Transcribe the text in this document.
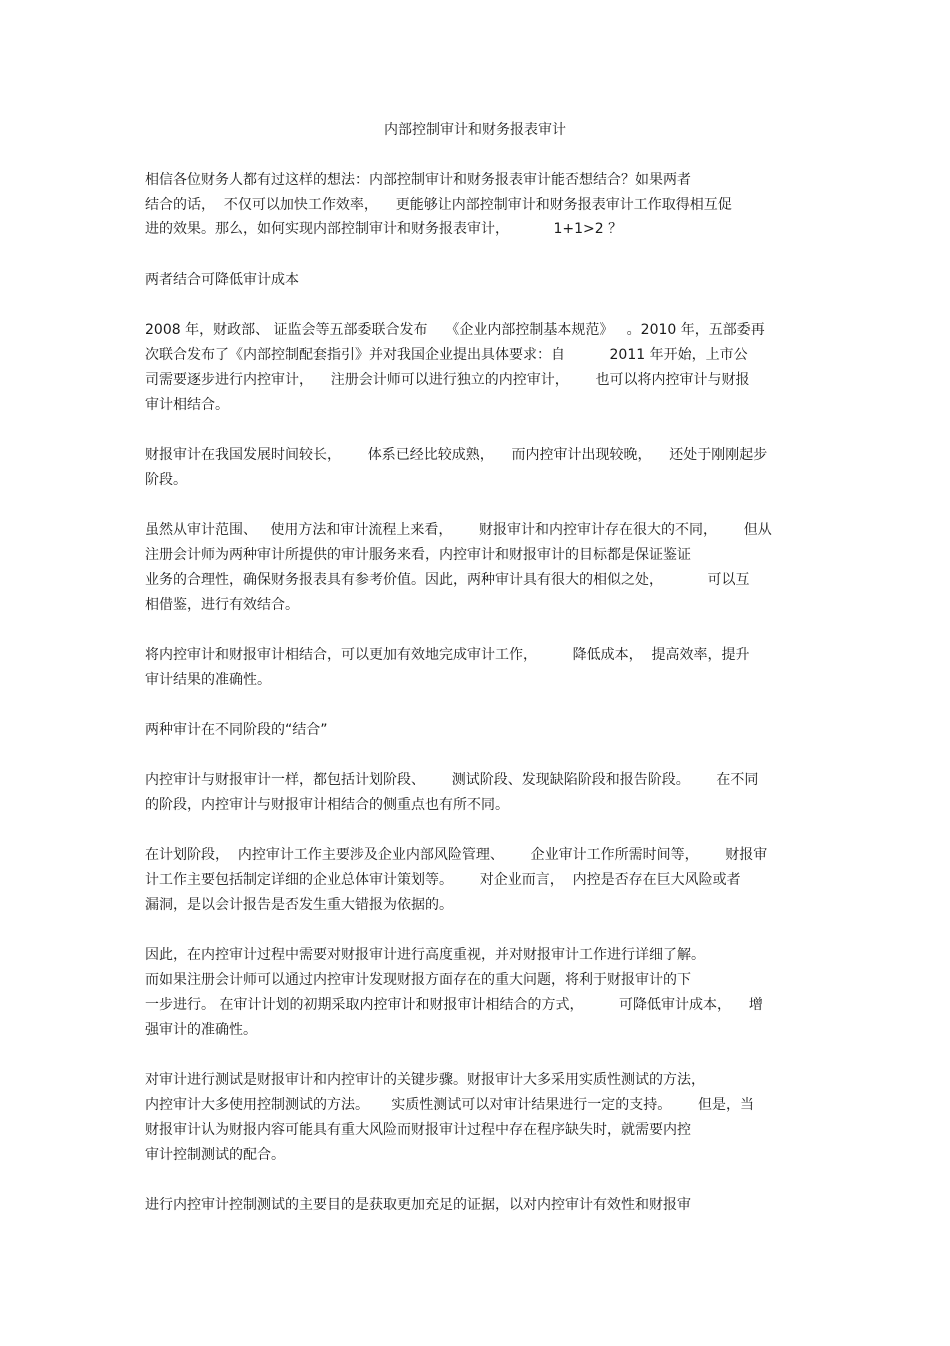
内部控制审计和财务报表审计
相信各位财务人都有过这样的想法：内部控制审计和财务报表审计能否想结合？如果两者
结合的话，  不仅可以加快工作效率，    更能够让内部控制审计和财务报表审计工作取得相互促
进的效果。那么，如何实现内部控制审计和财务报表审计，          1+1>2 ？
两者结合可降低审计成本
2008 年，财政部、 证监会等五部委联合发布    《企业内部控制基本规范》   。2010 年，五部委再
次联合发布了《内部控制配套指引》并对我国企业提出具体要求：自          2011 年开始，上市公
司需要逐步进行内控审计，    注册会计师可以进行独立的内控审计，      也可以将内控审计与财报
审计相结合。
财报审计在我国发展时间较长，      体系已经比较成熟，    而内控审计出现较晚，    还处于刚刚起步
阶段。
虽然从审计范围、   使用方法和审计流程上来看，      财报审计和内控审计存在很大的不同，      但从
注册会计师为两种审计所提供的审计服务来看，内控审计和财报审计的目标都是保证鉴证
业务的合理性，确保财务报表具有参考价值。因此，两种审计具有很大的相似之处，          可以互
相借鉴，进行有效结合。
将内控审计和财报审计相结合，可以更加有效地完成审计工作，        降低成本，  提高效率，提升
审计结果的准确性。
两种审计在不同阶段的“结合”
内控审计与财报审计一样，都包括计划阶段、      测试阶段、发现缺陷阶段和报告阶段。      在不同
的阶段，内控审计与财报审计相结合的侧重点也有所不同。
在计划阶段，  内控审计工作主要涉及企业内部风险管理、      企业审计工作所需时间等，      财报审
计工作主要包括制定详细的企业总体审计策划等。      对企业而言，  内控是否存在巨大风险或者
漏洞，是以会计报告是否发生重大错报为依据的。
因此，在内控审计过程中需要对财报审计进行高度重视，并对财报审计工作进行详细了解。
而如果注册会计师可以通过内控审计发现财报方面存在的重大问题，将利于财报审计的下
一步进行。 在审计计划的初期采取内控审计和财报审计相结合的方式，        可降低审计成本，    增
强审计的准确性。
对审计进行测试是财报审计和内控审计的关键步骤。财报审计大多采用实质性测试的方法，
内控审计大多使用控制测试的方法。     实质性测试可以对审计结果进行一定的支持。      但是，当
财报审计认为财报内容可能具有重大风险而财报审计过程中存在程序缺失时，就需要内控
审计控制测试的配合。
进行内控审计控制测试的主要目的是获取更加充足的证据，以对内控审计有效性和财报审
